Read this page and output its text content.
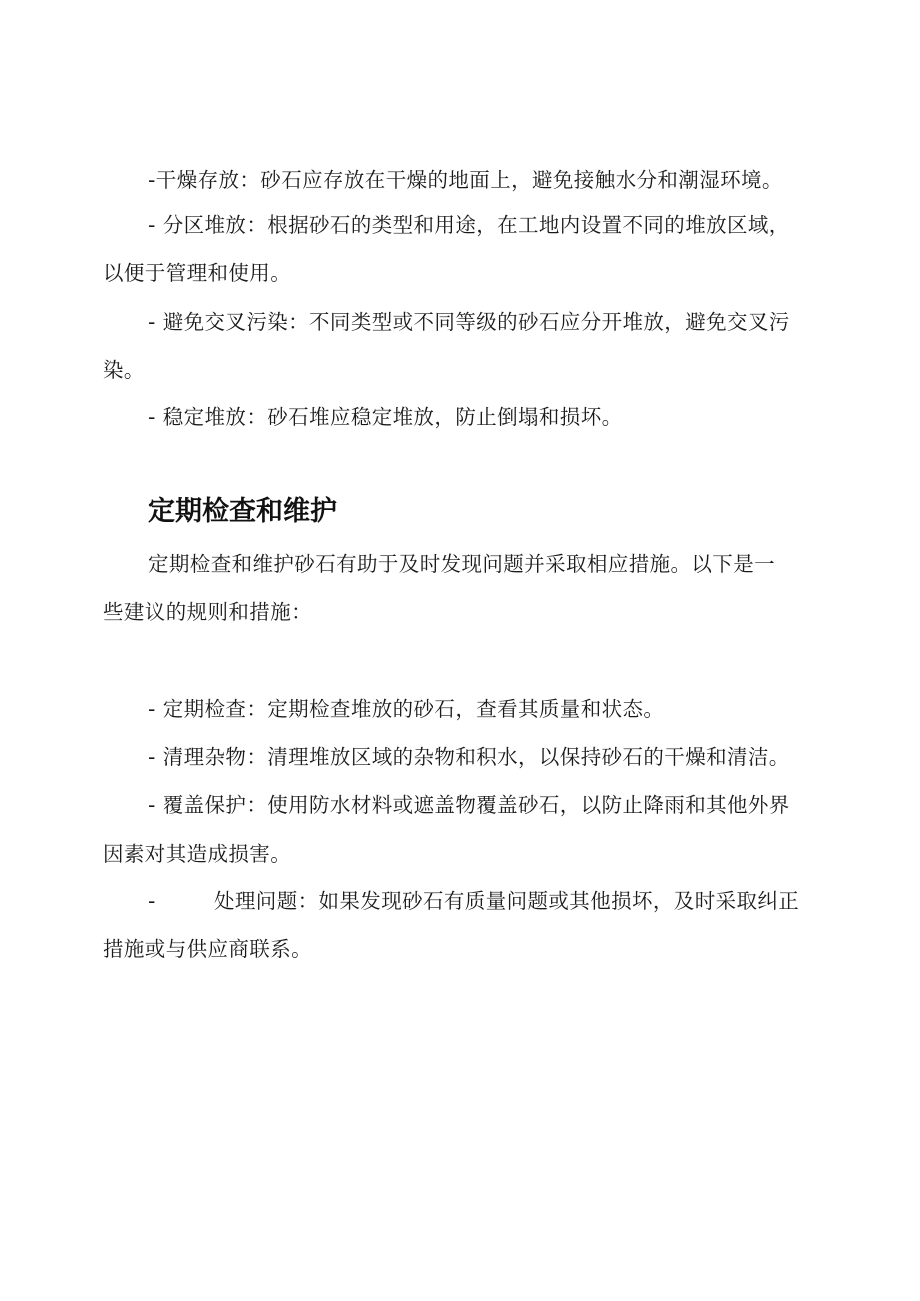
-干燥存放：砂石应存放在干燥的地面上，避免接触水分和潮湿环境。
- 分区堆放：根据砂石的类型和用途，在工地内设置不同的堆放区域，
以便于管理和使用。
- 避免交叉污染：不同类型或不同等级的砂石应分开堆放，避免交叉污
染。
- 稳定堆放：砂石堆应稳定堆放，防止倒塌和损坏。
定期检查和维护
定期检查和维护砂石有助于及时发现问题并采取相应措施。以下是一
些建议的规则和措施：
- 定期检查：定期检查堆放的砂石，查看其质量和状态。
- 清理杂物：清理堆放区域的杂物和积水，以保持砂石的干燥和清洁。
- 覆盖保护：使用防水材料或遮盖物覆盖砂石，以防止降雨和其他外界
因素对其造成损害。
-	处理问题：如果发现砂石有质量问题或其他损坏，及时采取纠正
措施或与供应商联系。
